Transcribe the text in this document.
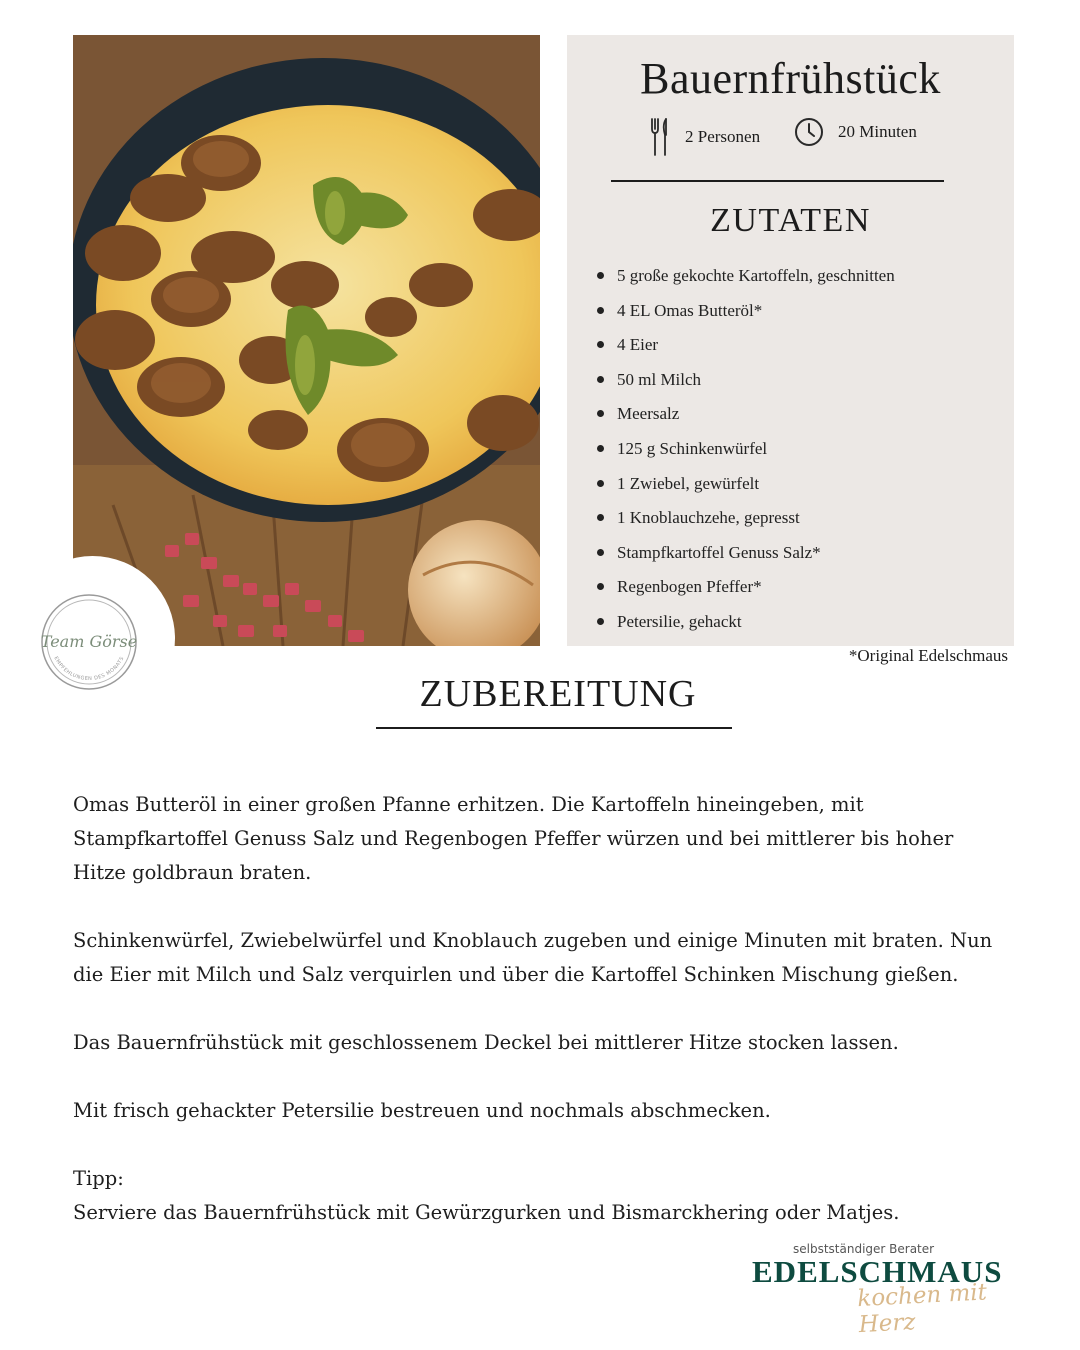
Team Görse
EMPFEHLUNGEN DES MONATS
Bauernfrühstück
2 Personen	20 Minuten
ZUTATEN
5 große gekochte Kartoffeln, geschnitten
4 EL Omas Butteröl*
4 Eier
50 ml Milch
Meersalz
125 g Schinkenwürfel
1 Zwiebel, gewürfelt
1 Knoblauchzehe, gepresst
Stampfkartoffel Genuss Salz*
Regenbogen Pfeffer*
Petersilie, gehackt
*Original Edelschmaus
ZUBEREITUNG

Omas Butteröl in einer großen Pfanne erhitzen. Die Kartoffeln hineingeben, mit Stampfkartoffel Genuss Salz und Regenbogen Pfeffer würzen und bei mittlerer bis hoher Hitze goldbraun braten.

Schinkenwürfel, Zwiebelwürfel und Knoblauch zugeben und einige Minuten mit braten. Nun die Eier mit Milch und Salz verquirlen und über die Kartoffel Schinken Mischung gießen.

Das Bauernfrühstück mit geschlossenem Deckel bei mittlerer Hitze stocken lassen.

Mit frisch gehackter Petersilie bestreuen und nochmals abschmecken.

Tipp:

Serviere das Bauernfrühstück mit Gewürzgurken und Bismarckhering oder Matjes.

selbstständiger Berater
EDELSCHMAUS
kochen mit Herz
